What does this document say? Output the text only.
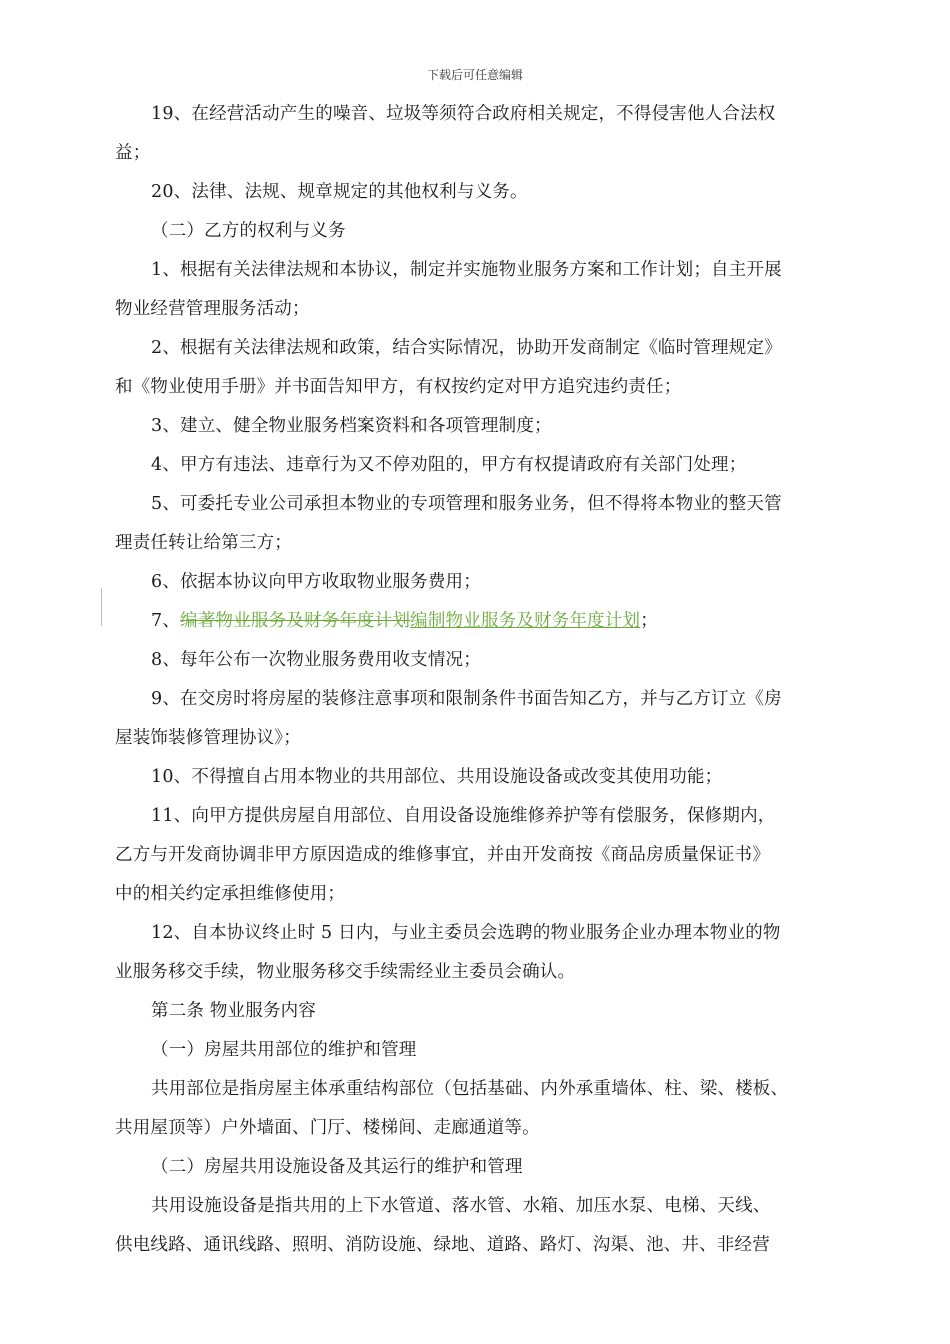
下载后可任意编辑
19、在经营活动产生的噪音、垃圾等须符合政府相关规定，不得侵害他人合法权
益；
20、法律、法规、规章规定的其他权利与义务。
（二）乙方的权利与义务
1、根据有关法律法规和本协议，制定并实施物业服务方案和工作计划；自主开展
物业经营管理服务活动；
2、根据有关法律法规和政策，结合实际情况，协助开发商制定《临时管理规定》
和《物业使用手册》并书面告知甲方，有权按约定对甲方追究违约责任；
3、建立、健全物业服务档案资料和各项管理制度；
4、甲方有违法、违章行为又不停劝阻的，甲方有权提请政府有关部门处理；
5、可委托专业公司承担本物业的专项管理和服务业务，但不得将本物业的整天管
理责任转让给第三方；
6、依据本协议向甲方收取物业服务费用；
7、编著物业服务及财务年度计划编制物业服务及财务年度计划；
8、每年公布一次物业服务费用收支情况；
9、在交房时将房屋的装修注意事项和限制条件书面告知乙方，并与乙方订立《房
屋装饰装修管理协议》；
10、不得擅自占用本物业的共用部位、共用设施设备或改变其使用功能；
11、向甲方提供房屋自用部位、自用设备设施维修养护等有偿服务，保修期内，
乙方与开发商协调非甲方原因造成的维修事宜，并由开发商按《商品房质量保证书》
中的相关约定承担维修使用；
12、自本协议终止时 5 日内，与业主委员会选聘的物业服务企业办理本物业的物
业服务移交手续，物业服务移交手续需经业主委员会确认。
第二条 物业服务内容
（一）房屋共用部位的维护和管理
共用部位是指房屋主体承重结构部位（包括基础、内外承重墙体、柱、梁、楼板、
共用屋顶等）户外墙面、门厅、楼梯间、走廊通道等。
（二）房屋共用设施设备及其运行的维护和管理
共用设施设备是指共用的上下水管道、落水管、水箱、加压水泵、电梯、天线、
供电线路、通讯线路、照明、消防设施、绿地、道路、路灯、沟渠、池、井、非经营
